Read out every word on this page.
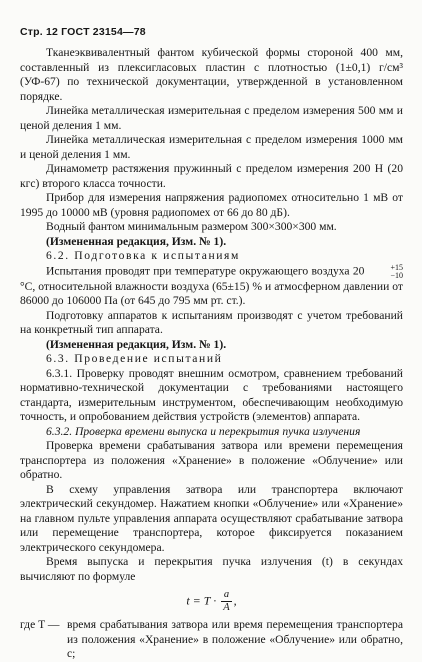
Стр. 12 ГОСТ 23154—78

Тканеэквивалентный фантом кубической формы стороной 400 мм, составленный из плексигласовых пластин с плотностью (1±0,1) г/см³ (УФ-67) по технической документации, утвержденной в установленном порядке.

Линейка металлическая измерительная с пределом измерения 500 мм и ценой деления 1 мм.

Линейка металлическая измерительная с пределом измерения 1000 мм и ценой деления 1 мм.

Динамометр растяжения пружинный с пределом измерения 200 Н (20 кгс) второго класса точности.

Прибор для измерения напряжения радиопомех относительно 1 мВ от 1995 до 10000 мВ (уровня радиопомех от 66 до 80 дБ).

Водный фантом минимальным размером 300×300×300 мм.

(Измененная редакция, Изм. № 1).

6.2. Подготовка к испытаниям

Испытания проводят при температуре окружающего воздуха 20	+15
−10
°С, относительной влажности воздуха (65±15) % и атмосферном давлении от 86000 до 106000 Па (от 645 до 795 мм рт. ст.).

Подготовку аппаратов к испытаниям производят с учетом требований на конкретный тип аппарата.

(Измененная редакция, Изм. № 1).

6.3. Проведение испытаний

6.3.1. Проверку проводят внешним осмотром, сравнением требований нормативно-технической документации с требованиями настоящего стандарта, измерительным инструментом, обеспечивающим необходимую точность, и опробованием действия устройств (элементов) аппарата.

6.3.2. Проверка времени выпуска и перекрытия пучка излучения

Проверка времени срабатывания затвора или времени перемещения транспортера из положения «Хранение» в положение «Облучение» или обратно.

В схему управления затвора или транспортера включают электрический секундомер. Нажатием кнопки «Облучение» или «Хранение» на главном пульте управления аппарата осуществляют срабатывание затвора или перемещение транспортера, которое фиксируется показанием электрического секундомера.

Время выпуска и перекрытия пучка излучения (t) в секундах вычисляют по формуле

$t = T \cdot \frac{a}{A}$ ,
где T — время срабатывания затвора или время перемещения транспортера из положения «Хранение» в положение «Облучение» или обратно, с;
